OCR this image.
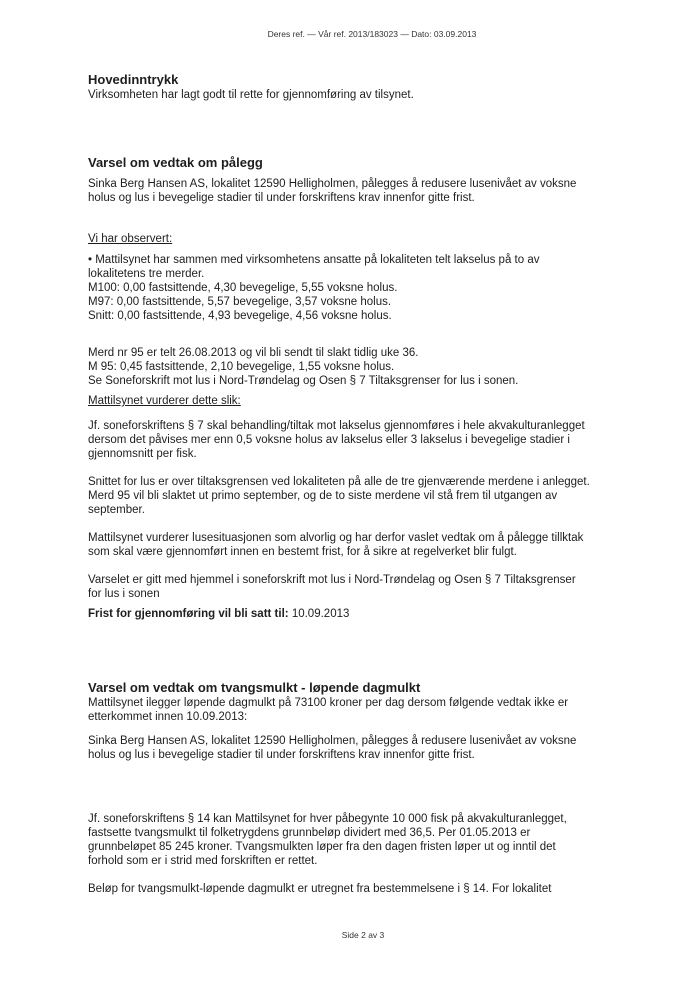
Deres ref. — Vår ref. 2013/183023 — Dato: 03.09.2013

Hovedinntrykk

Virksomheten har lagt godt til rette for gjennomføring av tilsynet.

Varsel om vedtak om pålegg

Sinka Berg Hansen AS, lokalitet 12590 Helligholmen, pålegges å redusere lusenivået av voksne

holus og lus i bevegelige stadier til under forskriftens krav innenfor gitte frist.

Vi har observert:

• Mattilsynet har sammen med virksomhetens ansatte på lokaliteten telt lakselus på to av

lokalitetens tre merder.

M100: 0,00 fastsittende, 4,30 bevegelige, 5,55 voksne holus.

M97: 0,00 fastsittende, 5,57 bevegelige, 3,57 voksne holus.

Snitt: 0,00 fastsittende, 4,93 bevegelige, 4,56 voksne holus.

Merd nr 95 er telt 26.08.2013 og vil bli sendt til slakt tidlig uke 36.

M 95: 0,45 fastsittende, 2,10 bevegelige, 1,55 voksne holus.

Se Soneforskrift mot lus i Nord-Trøndelag og Osen § 7 Tiltaksgrenser for lus i sonen.

Mattilsynet vurderer dette slik:

Jf. soneforskriftens § 7 skal behandling/tiltak mot lakselus gjennomføres i hele akvakulturanlegget

dersom det påvises mer enn 0,5 voksne holus av lakselus eller 3 lakselus i bevegelige stadier i

gjennomsnitt per fisk.

Snittet for lus er over tiltaksgrensen ved lokaliteten på alle de tre gjenværende merdene i anlegget.

Merd 95 vil bli slaktet ut primo september, og de to siste merdene vil stå frem til utgangen av

september.

Mattilsynet vurderer lusesituasjonen som alvorlig og har derfor vaslet vedtak om å pålegge tillktak

som skal være gjennomført innen en bestemt frist, for å sikre at regelverket blir fulgt.

Varselet er gitt med hjemmel i soneforskrift mot lus i Nord-Trøndelag og Osen § 7 Tiltaksgrenser

for lus i sonen

Frist for gjennomføring vil bli satt til: 10.09.2013

Varsel om vedtak om tvangsmulkt - løpende dagmulkt

Mattilsynet ilegger løpende dagmulkt på 73100 kroner per dag dersom følgende vedtak ikke er

etterkommet innen 10.09.2013:

Sinka Berg Hansen AS, lokalitet 12590 Helligholmen, pålegges å redusere lusenivået av voksne

holus og lus i bevegelige stadier til under forskriftens krav innenfor gitte frist.

Jf. soneforskriftens § 14 kan Mattilsynet for hver påbegynte 10 000 fisk på akvakulturanlegget,

fastsette tvangsmulkt til folketrygdens grunnbeløp dividert med 36,5. Per 01.05.2013 er

grunnbeløpet 85 245 kroner. Tvangsmulkten løper fra den dagen fristen løper ut og inntil det

forhold som er i strid med forskriften er rettet.

Beløp for tvangsmulkt-løpende dagmulkt er utregnet fra bestemmelsene i § 14. For lokalitet

Side 2 av 3
